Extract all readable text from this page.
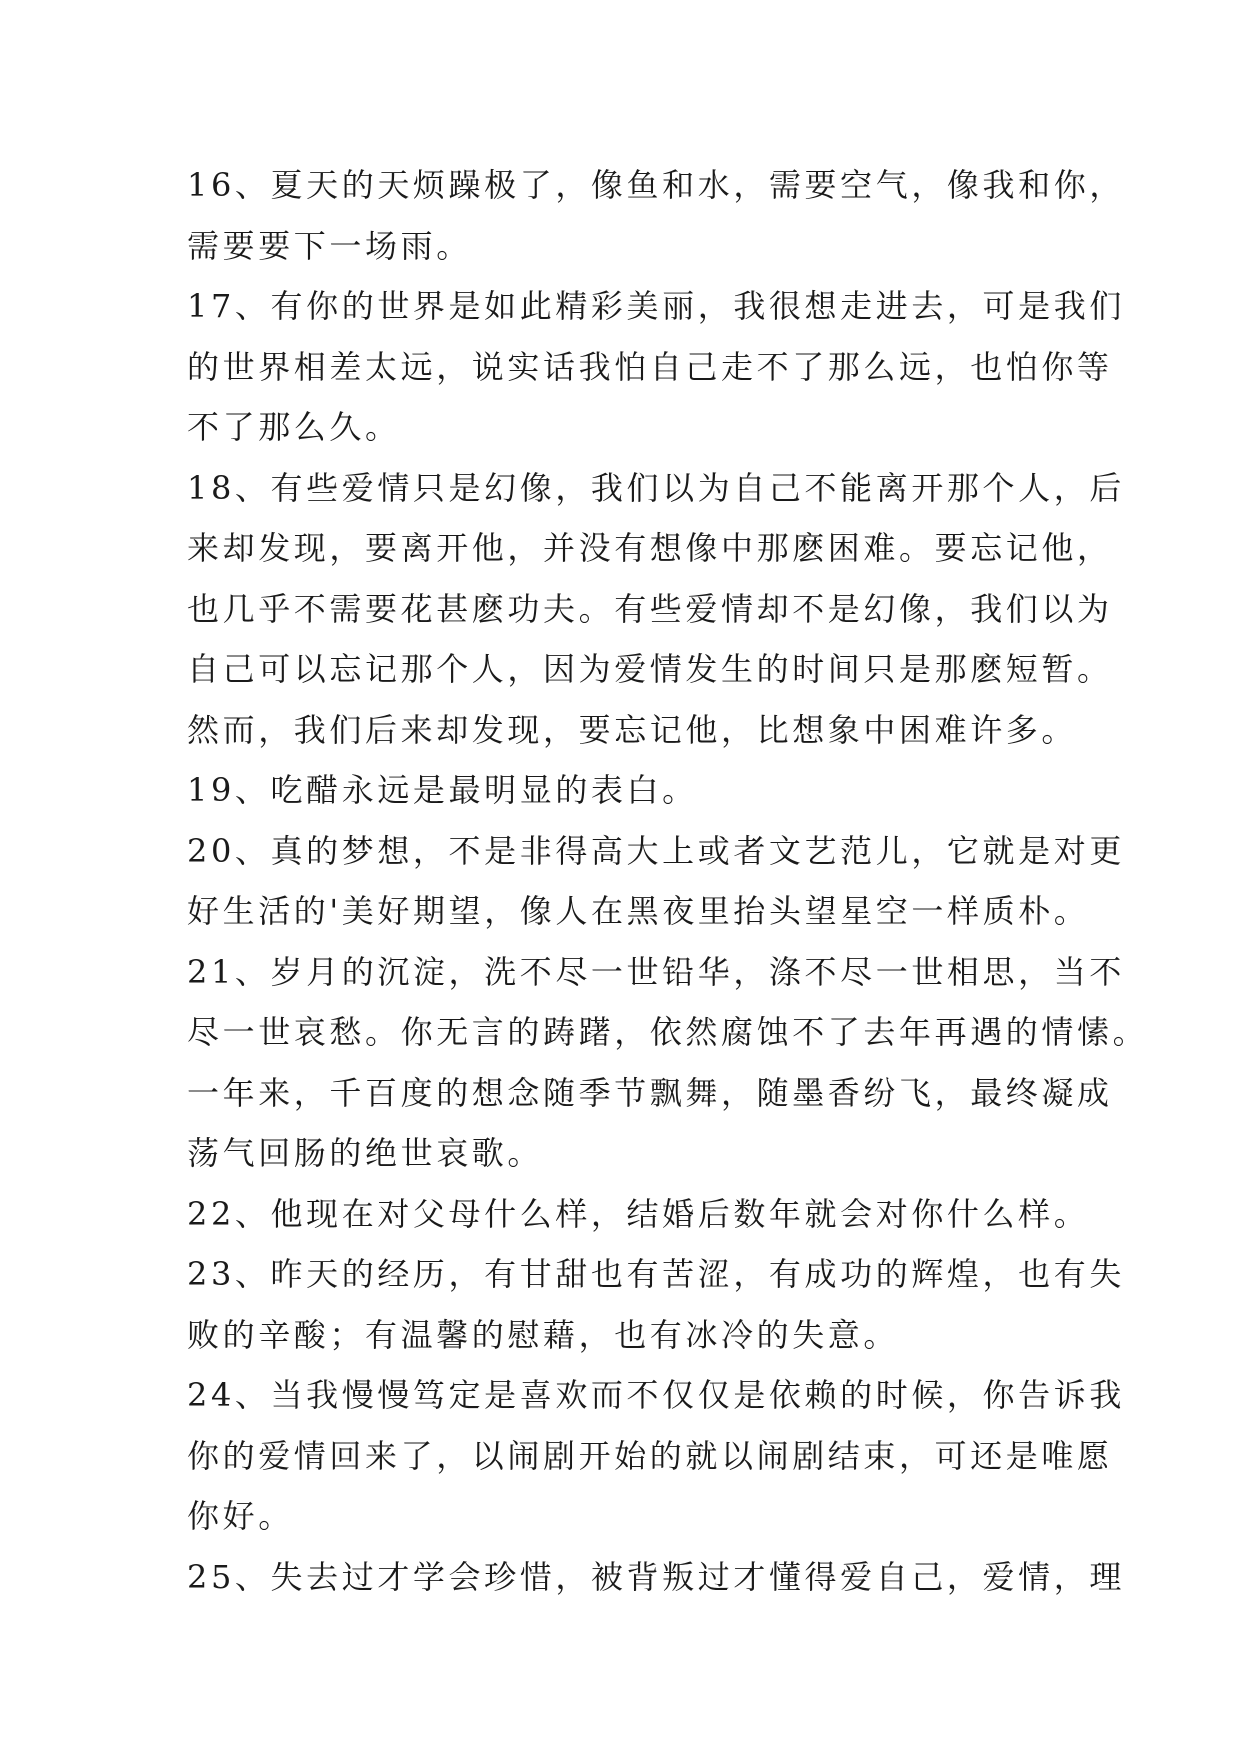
16、夏天的天烦躁极了，像鱼和水，需要空气，像我和你，
需要要下一场雨。
17、有你的世界是如此精彩美丽，我很想走进去，可是我们
的世界相差太远，说实话我怕自己走不了那么远，也怕你等
不了那么久。
18、有些爱情只是幻像，我们以为自己不能离开那个人，后
来却发现，要离开他，并没有想像中那麽困难。要忘记他，
也几乎不需要花甚麽功夫。有些爱情却不是幻像，我们以为
自己可以忘记那个人，因为爱情发生的时间只是那麽短暂。
然而，我们后来却发现，要忘记他，比想象中困难许多。
19、吃醋永远是最明显的表白。
20、真的梦想，不是非得高大上或者文艺范儿，它就是对更
好生活的'美好期望，像人在黑夜里抬头望星空一样质朴。
21、岁月的沉淀，洗不尽一世铅华，涤不尽一世相思，当不
尽一世哀愁。你无言的踌躇，依然腐蚀不了去年再遇的情愫。
一年来，千百度的想念随季节飘舞，随墨香纷飞，最终凝成
荡气回肠的绝世哀歌。
22、他现在对父母什么样，结婚后数年就会对你什么样。
23、昨天的经历，有甘甜也有苦涩，有成功的辉煌，也有失
败的辛酸；有温馨的慰藉，也有冰冷的失意。
24、当我慢慢笃定是喜欢而不仅仅是依赖的时候，你告诉我
你的爱情回来了，以闹剧开始的就以闹剧结束，可还是唯愿
你好。
25、失去过才学会珍惜，被背叛过才懂得爱自己，爱情，理
